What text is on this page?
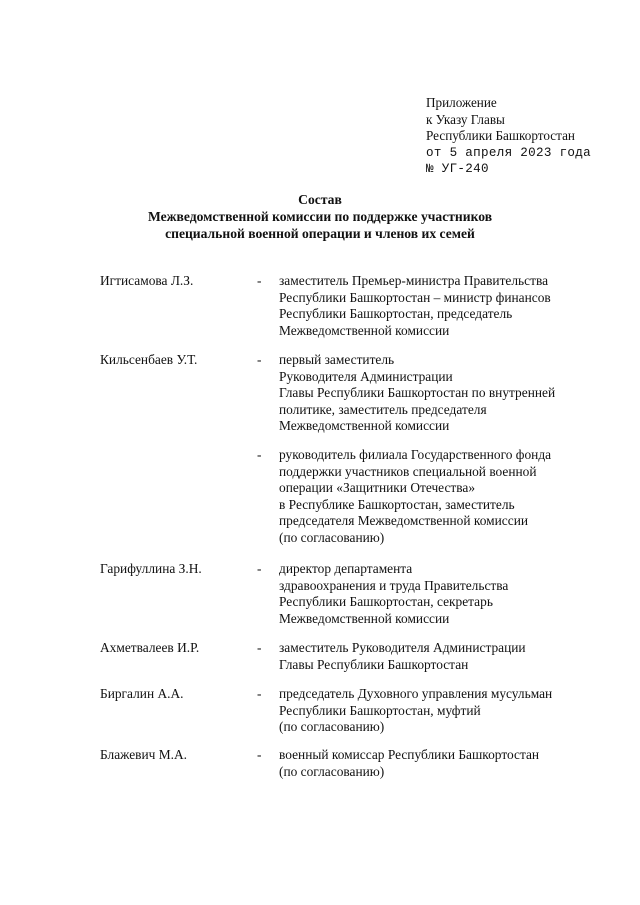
Приложение
к Указу Главы
Республики Башкортостан
от 5 апреля 2023 года
№ УГ-240
Состав
Межведомственной комиссии по поддержке участников
специальной военной операции и членов их семей
Игтисамова Л.З.	- заместитель Премьер-министра Правительства
Республики Башкортостан – министр финансов
Республики Башкортостан, председатель
Межведомственной комиссии
Кильсенбаев У.Т.	- первый заместитель
Руководителя Администрации
Главы Республики Башкортостан по внутренней
политике, заместитель председателя
Межведомственной комиссии
- руководитель филиала Государственного фонда
поддержки участников специальной военной
операции «Защитники Отечества»
в Республике Башкортостан, заместитель
председателя Межведомственной комиссии
(по согласованию)
Гарифуллина З.Н.	- директор департамента
здравоохранения и труда Правительства
Республики Башкортостан, секретарь
Межведомственной комиссии
Ахметвалеев И.Р.	- заместитель Руководителя Администрации
Главы Республики Башкортостан
Биргалин А.А.	- председатель Духовного управления мусульман
Республики Башкортостан, муфтий
(по согласованию)
Блажевич М.А.	- военный комиссар Республики Башкортостан
(по согласованию)
